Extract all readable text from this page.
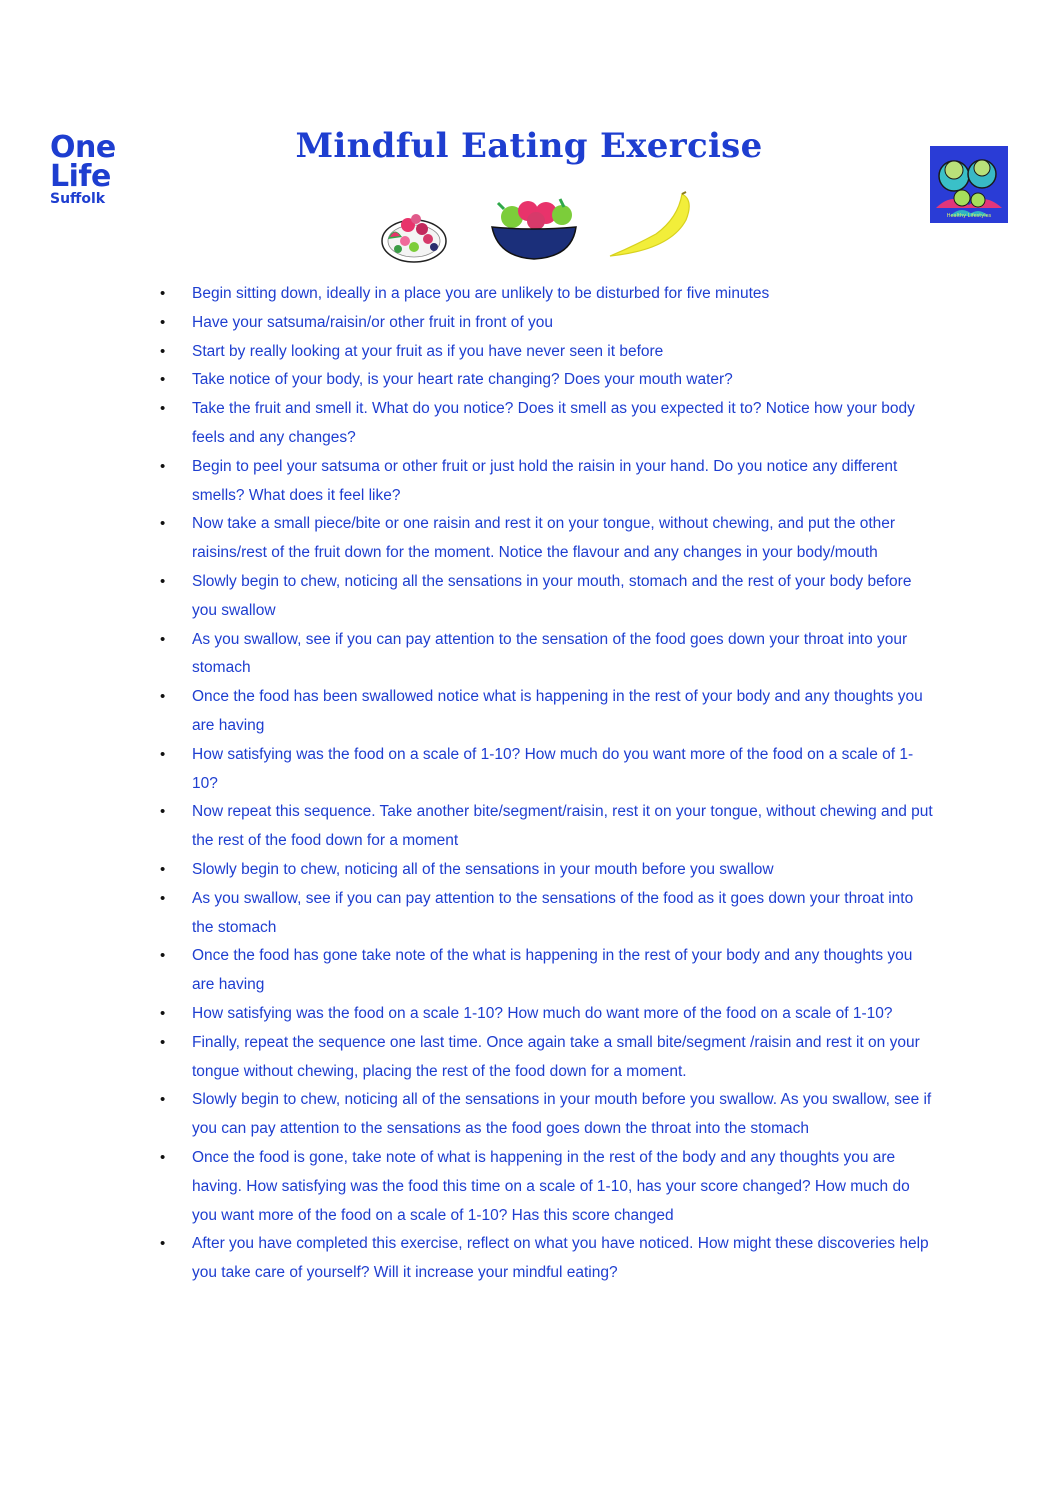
One
Life
Suffolk
Mindful Eating Exercise
Healthy Lifestyles
• Begin sitting down, ideally in a place you are unlikely to be disturbed for five minutes
• Have your satsuma/raisin/or other fruit in front of you
• Start by really looking at your fruit as if you have never seen it before
• Take notice of your body, is your heart rate changing? Does your mouth water?
• Take the fruit and smell it. What do you notice? Does it smell as you expected it to? Notice how your body feels and any changes?
• Begin to peel your satsuma or other fruit or just hold the raisin in your hand. Do you notice any different smells? What does it feel like?
• Now take a small piece/bite or one raisin and rest it on your tongue, without chewing, and put the other raisins/rest of the fruit down for the moment. Notice the flavour and any changes in your body/mouth
• Slowly begin to chew, noticing all the sensations in your mouth, stomach and the rest of your body before you swallow
• As you swallow, see if you can pay attention to the sensation of the food goes down your throat into your stomach
• Once the food has been swallowed notice what is happening in the rest of your body and any thoughts you are having
• How satisfying was the food on a scale of 1-10? How much do you want more of the food on a scale of 1-10?
• Now repeat this sequence. Take another bite/segment/raisin, rest it on your tongue, without chewing and put the rest of the food down for a moment
• Slowly begin to chew, noticing all of the sensations in your mouth before you swallow
• As you swallow, see if you can pay attention to the sensations of the food as it goes down your throat into the stomach
• Once the food has gone take note of the what is happening in the rest of your body and any thoughts you are having
• How satisfying was the food on a scale 1-10? How much do want more of the food on a scale of 1-10?
• Finally, repeat the sequence one last time. Once again take a small bite/segment /raisin and rest it on your tongue without chewing, placing the rest of the food down for a moment.
• Slowly begin to chew, noticing all of the sensations in your mouth before you swallow. As you swallow, see if you can pay attention to the sensations as the food goes down the throat into the stomach
• Once the food is gone, take note of what is happening in the rest of the body and any thoughts you are having. How satisfying was the food this time on a scale of 1-10, has your score changed? How much do you want more of the food on a scale of 1-10? Has this score changed
• After you have completed this exercise, reflect on what you have noticed. How might these discoveries help you take care of yourself? Will it increase your mindful eating?
